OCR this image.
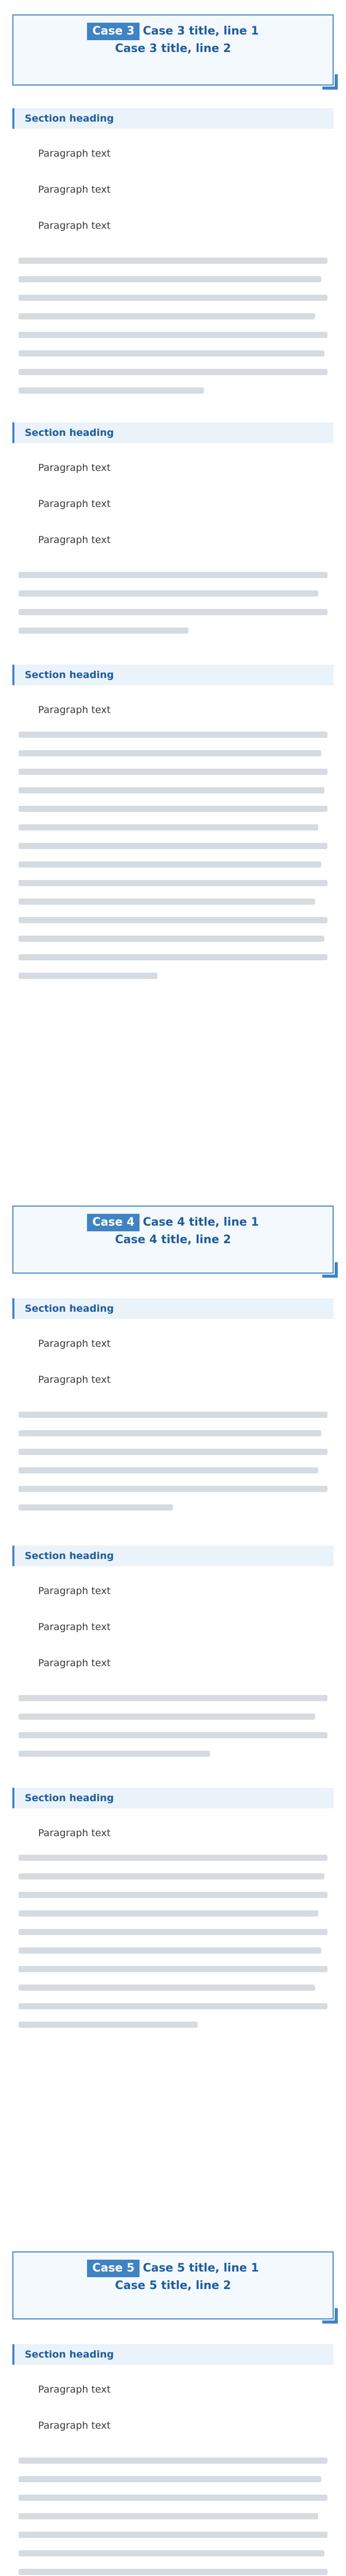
Case 3 Case 3 title, line 1
Case 3 title, line 2
Section heading

Paragraph text

Paragraph text

Paragraph text

Section heading

Paragraph text

Paragraph text

Paragraph text

Section heading

Paragraph text

Case 4 Case 4 title, line 1
Case 4 title, line 2
Section heading

Paragraph text

Paragraph text

Section heading

Paragraph text

Paragraph text

Paragraph text

Section heading

Paragraph text

Case 5 Case 5 title, line 1
Case 5 title, line 2
Section heading

Paragraph text

Paragraph text
